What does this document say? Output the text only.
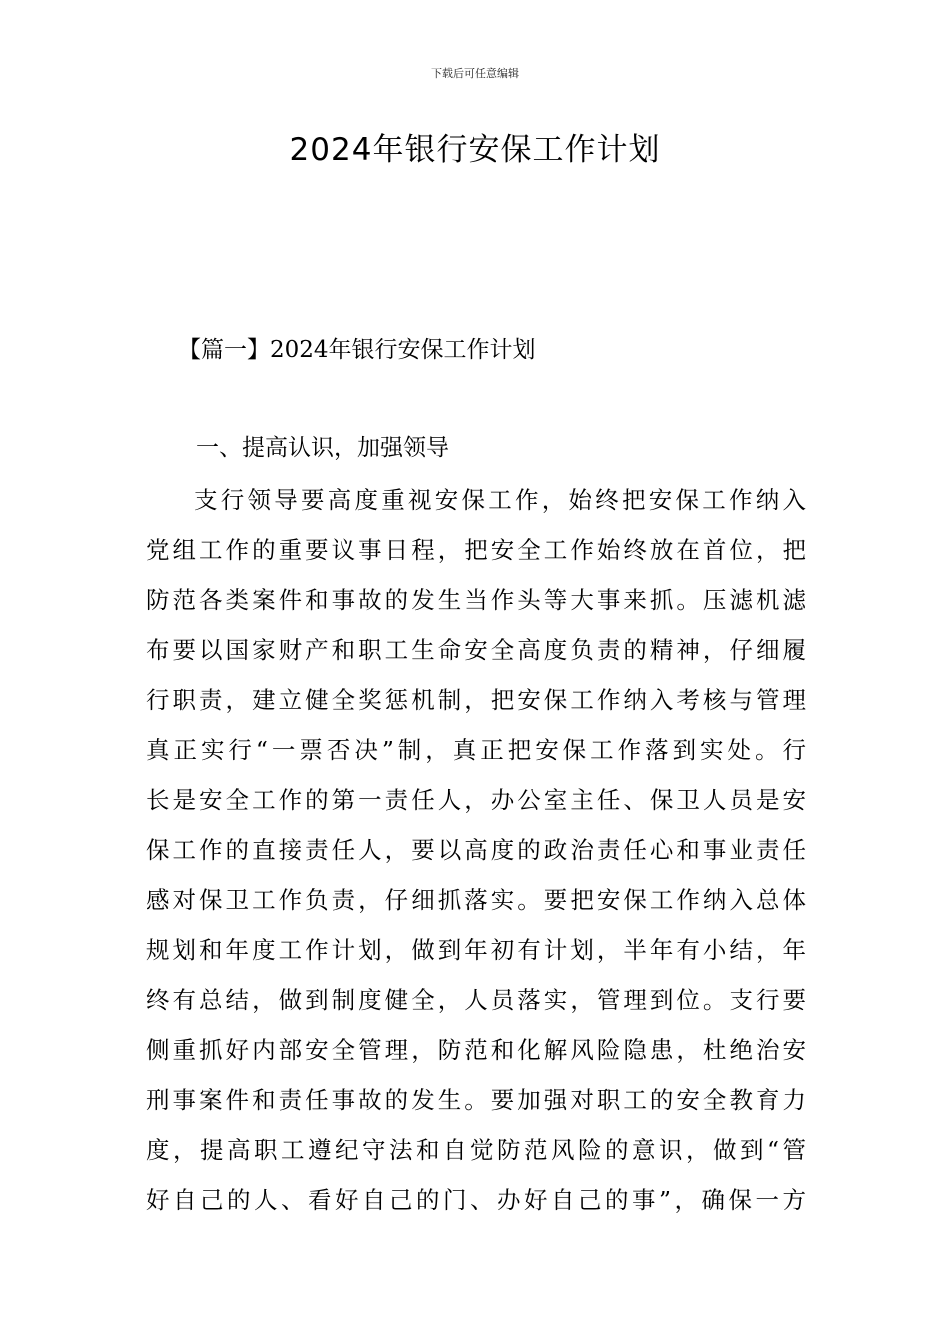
下载后可任意编辑
2024年银行安保工作计划
【篇一】2024年银行安保工作计划
一、提高认识，加强领导
支行领导要高度重视安保工作，始终把安保工作纳入
党组工作的重要议事日程，把安全工作始终放在首位，把
防范各类案件和事故的发生当作头等大事来抓。压滤机滤
布要以国家财产和职工生命安全高度负责的精神，仔细履
行职责，建立健全奖惩机制，把安保工作纳入考核与管理
真正实行“一票否决”制，真正把安保工作落到实处。行
长是安全工作的第一责任人，办公室主任、保卫人员是安
保工作的直接责任人，要以高度的政治责任心和事业责任
感对保卫工作负责，仔细抓落实。要把安保工作纳入总体
规划和年度工作计划，做到年初有计划，半年有小结，年
终有总结，做到制度健全，人员落实，管理到位。支行要
侧重抓好内部安全管理，防范和化解风险隐患，杜绝治安
刑事案件和责任事故的发生。要加强对职工的安全教育力
度，提高职工遵纪守法和自觉防范风险的意识，做到“管
好自己的人、看好自己的门、办好自己的事”，确保一方
